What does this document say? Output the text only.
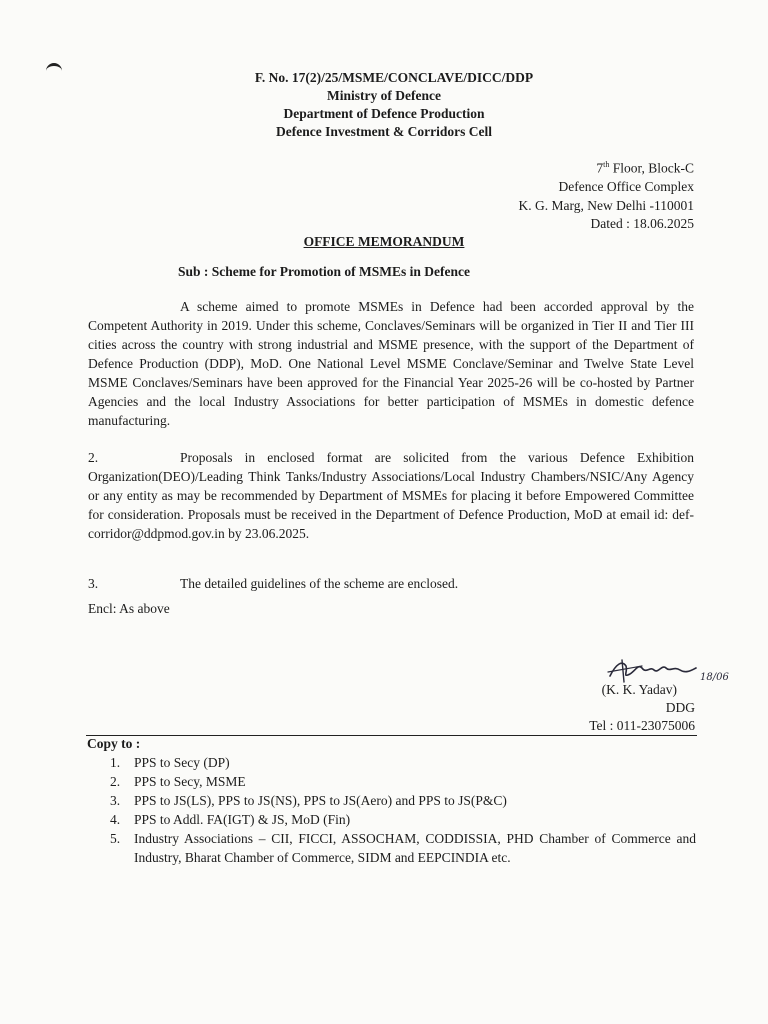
F. No. 17(2)/25/MSME/CONCLAVE/DICC/DDP
Ministry of Defence
Department of Defence Production
Defence Investment & Corridors Cell
7th Floor, Block-C
Defence Office Complex
K. G. Marg, New Delhi -110001
Dated : 18.06.2025
OFFICE MEMORANDUM
Sub : Scheme for Promotion of MSMEs in Defence
A scheme aimed to promote MSMEs in Defence had been accorded approval by the Competent Authority in 2019. Under this scheme, Conclaves/Seminars will be organized in Tier II and Tier III cities across the country with strong industrial and MSME presence, with the support of the Department of Defence Production (DDP), MoD. One National Level MSME Conclave/Seminar and Twelve State Level MSME Conclaves/Seminars have been approved for the Financial Year 2025-26 will be co-hosted by Partner Agencies and the local Industry Associations for better participation of MSMEs in domestic defence manufacturing.
2.	Proposals in enclosed format are solicited from the various Defence Exhibition Organization(DEO)/Leading Think Tanks/Industry Associations/Local Industry Chambers/NSIC/Any Agency or any entity as may be recommended by Department of MSMEs for placing it before Empowered Committee for consideration. Proposals must be received in the Department of Defence Production, MoD at email id: def-corridor@ddpmod.gov.in by 23.06.2025.
3.	The detailed guidelines of the scheme are enclosed.
Encl: As above
18/06
(K. K. Yadav)
DDG
Tel : 011-23075006
Copy to :
1. PPS to Secy (DP)
2. PPS to Secy, MSME
3. PPS to JS(LS), PPS to JS(NS), PPS to JS(Aero) and PPS to JS(P&C)
4. PPS to Addl. FA(IGT) & JS, MoD (Fin)
5. Industry Associations – CII, FICCI, ASSOCHAM, CODDISSIA, PHD Chamber of Commerce and Industry, Bharat Chamber of Commerce, SIDM and EEPCINDIA etc.
